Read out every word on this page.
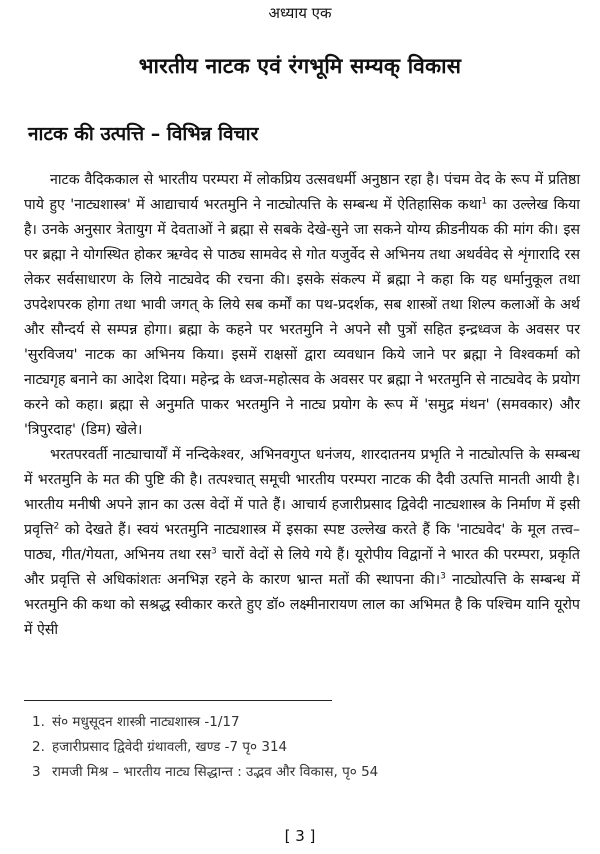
अध्याय एक
भारतीय नाटक एवं रंगभूमि सम्यक् विकास
नाटक की उत्पत्ति – विभिन्न विचार

नाटक वैदिककाल से भारतीय परम्परा में लोकप्रिय उत्सवधर्मी अनुष्ठान रहा है। पंचम वेद के रूप में प्रतिष्ठा पाये हुए 'नाट्यशास्त्र' में आद्याचार्य भरतमुनि ने नाट्योत्पत्ति के सम्बन्ध में ऐतिहासिक कथा$^1$ का उल्लेख किया है। उनके अनुसार त्रेतायुग में देवताओं ने ब्रह्मा से सबके देखे-सुने जा सकने योग्य क्रीडनीयक की मांग की। इस पर ब्रह्मा ने योगस्थित होकर ऋग्वेद से पाठ्य सामवेद से गोत यजुर्वेद से अभिनय तथा अथर्ववेद से शृंगारादि रस लेकर सर्वसाधारण के लिये नाट्यवेद की रचना की। इसके संकल्प में ब्रह्मा ने कहा कि यह धर्मानुकूल तथा उपदेशपरक होगा तथा भावी जगत् के लिये सब कर्मों का पथ-प्रदर्शक, सब शास्त्रों तथा शिल्प कलाओं के अर्थ और सौन्दर्य से सम्पन्न होगा। ब्रह्मा के कहने पर भरतमुनि ने अपने सौ पुत्रों सहित इन्द्रध्वज के अवसर पर 'सुरविजय' नाटक का अभिनय किया। इसमें राक्षसों द्वारा व्यवधान किये जाने पर ब्रह्मा ने विश्वकर्मा को नाट्यगृह बनाने का आदेश दिया। महेन्द्र के ध्वज-महोत्सव के अवसर पर ब्रह्मा ने भरतमुनि से नाट्यवेद के प्रयोग करने को कहा। ब्रह्मा से अनुमति पाकर भरतमुनि ने नाट्य प्रयोग के रूप में 'समुद्र मंथन' (समवकार) और 'त्रिपुरदाह' (डिम) खेले।

भरतपरवर्ती नाट्याचार्यों में नन्दिकेश्वर, अभिनवगुप्त धनंजय, शारदातनय प्रभृति ने नाट्योत्पत्ति के सम्बन्ध में भरतमुनि के मत की पुष्टि की है। तत्पश्चात् समूची भारतीय परम्परा नाटक की दैवी उत्पत्ति मानती आयी है। भारतीय मनीषी अपने ज्ञान का उत्स वेदों में पाते हैं। आचार्य हजारीप्रसाद द्विवेदी नाट्यशास्त्र के निर्माण में इसी प्रवृत्ति$^2$ को देखते हैं। स्वयं भरतमुनि नाट्यशास्त्र में इसका स्पष्ट उल्लेख करते हैं कि 'नाट्यवेद' के मूल तत्त्व–पाठ्य, गीत/गेयता, अभिनय तथा रस$^3$ चारों वेदों से लिये गये हैं। यूरोपीय विद्वानों ने भारत की परम्परा, प्रकृति और प्रवृत्ति से अधिकांशतः अनभिज्ञ रहने के कारण भ्रान्त मतों की स्थापना की।$^3$ नाट्योत्पत्ति के सम्बन्ध में भरतमुनि की कथा को सश्रद्ध स्वीकार करते हुए डॉ० लक्ष्मीनारायण लाल का अभिमत है कि पश्चिम यानि यूरोप में ऐसी

1. सं० मधुसूदन शास्त्री नाट्यशास्त्र -1/17
2. हजारीप्रसाद द्विवेदी ग्रंथावली, खण्ड -7 पृ० 314
3 रामजी मिश्र – भारतीय नाट्य सिद्धान्त : उद्भव और विकास, पृ० 54
[ 3 ]
